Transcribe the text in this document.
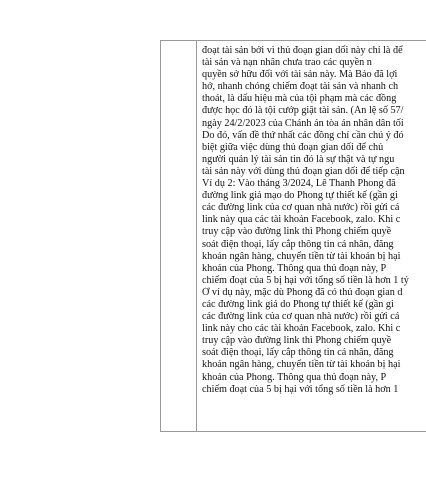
đoạt tài sản bởi vì thủ đoạn gian dối này chỉ là để
tài sản và nạn nhân chưa trao các quyền n
quyền sở hữu đối với tài sản này. Mà Bảo đã lợi
hở, nhanh chóng chiếm đoạt tài sản và nhanh ch
thoát, là dấu hiệu mà của tội phạm mà các đồng
được học đó là tội cướp giật tài sản. (Án lệ số 57/
ngày 24/2/2023 của Chánh án tòa án nhân dân tối
Do đó, vấn đề thứ nhất các đồng chí cần chú ý đó
biệt giữa việc dùng thủ đoạn gian dối để chủ
người quản lý tài sản tin đó là sự thật và tự ngu
tài sản này với dùng thủ đoạn gian dối để tiếp cận
Ví dụ 2: Vào tháng 3/2024, Lê Thanh Phong đã
đường link giả mạo do Phong tự thiết kế (gần gi
các đường link của cơ quan nhà nước) rồi gửi cá
link này qua các tài khoản Facebook, zalo. Khi c
truy cập vào đường link thì Phong chiếm quyề
soát điện thoại, lấy cắp thông tin cá nhân, đăng
khoản ngân hàng, chuyển tiền từ tài khoản bị hại
khoản của Phong. Thông qua thủ đoạn này, P
chiếm đoạt của 5 bị hại với tổng số tiền là hơn 1 tỷ
Ở ví dụ này, mặc dù Phong đã có thủ đoạn gian d
các đường link giả do Phong tự thiết kế (gần gi
các đường link của cơ quan nhà nước) rồi gửi cá
link này cho các tài khoản Facebook, zalo. Khi c
truy cập vào đường link thì Phong chiếm quyề
soát điện thoại, lấy cắp thông tin cá nhân, đăng
khoản ngân hàng, chuyển tiền từ tài khoản bị hại
khoản của Phong. Thông qua thủ đoạn này, P
chiếm đoạt của 5 bị hại với tổng số tiền là hơn 1
